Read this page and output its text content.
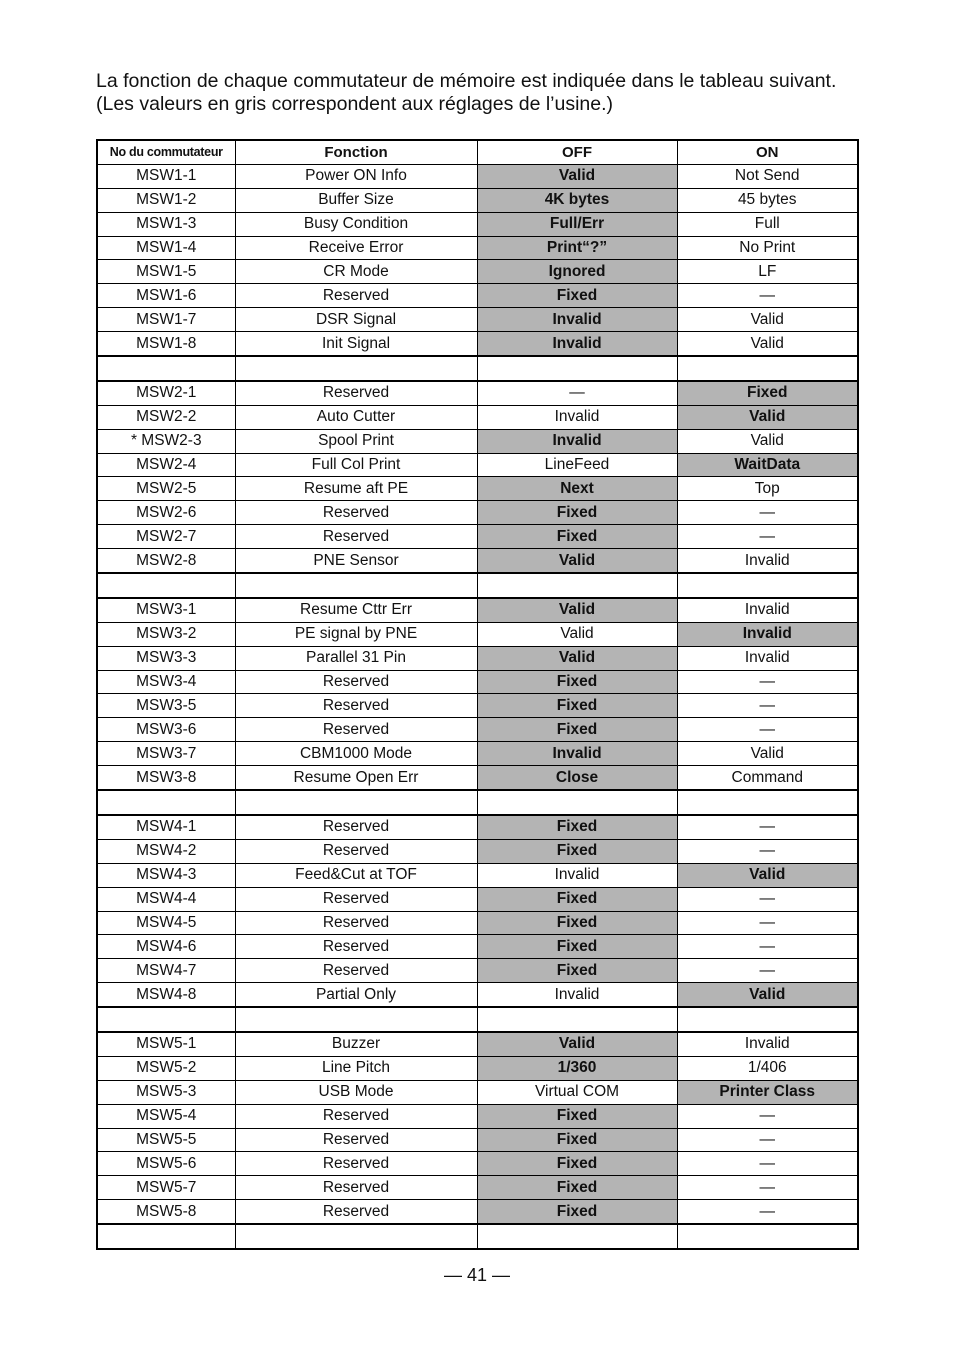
La fonction de chaque commutateur de mémoire est indiquée dans le tableau suivant. (Les valeurs en gris correspondent aux réglages de l’usine.)

No du commutateur	Fonction	OFF	ON
MSW1-1	Power ON Info	Valid	Not Send
MSW1-2	Buffer Size	4K bytes	45 bytes
MSW1-3	Busy Condition	Full/Err	Full
MSW1-4	Receive Error	Print“?”	No Print
MSW1-5	CR Mode	Ignored	LF
MSW1-6	Reserved	Fixed	—
MSW1-7	DSR Signal	Invalid	Valid
MSW1-8	Init Signal	Invalid	Valid

MSW2-1	Reserved	—	Fixed
MSW2-2	Auto Cutter	Invalid	Valid
* MSW2-3	Spool Print	Invalid	Valid
MSW2-4	Full Col Print	LineFeed	WaitData
MSW2-5	Resume aft PE	Next	Top
MSW2-6	Reserved	Fixed	—
MSW2-7	Reserved	Fixed	—
MSW2-8	PNE Sensor	Valid	Invalid

MSW3-1	Resume Cttr Err	Valid	Invalid
MSW3-2	PE signal by PNE	Valid	Invalid
MSW3-3	Parallel 31 Pin	Valid	Invalid
MSW3-4	Reserved	Fixed	—
MSW3-5	Reserved	Fixed	—
MSW3-6	Reserved	Fixed	—
MSW3-7	CBM1000 Mode	Invalid	Valid
MSW3-8	Resume Open Err	Close	Command

MSW4-1	Reserved	Fixed	—
MSW4-2	Reserved	Fixed	—
MSW4-3	Feed&Cut at TOF	Invalid	Valid
MSW4-4	Reserved	Fixed	—
MSW4-5	Reserved	Fixed	—
MSW4-6	Reserved	Fixed	—
MSW4-7	Reserved	Fixed	—
MSW4-8	Partial Only	Invalid	Valid

MSW5-1	Buzzer	Valid	Invalid
MSW5-2	Line Pitch	1/360	1/406
MSW5-3	USB Mode	Virtual COM	Printer Class
MSW5-4	Reserved	Fixed	—
MSW5-5	Reserved	Fixed	—
MSW5-6	Reserved	Fixed	—
MSW5-7	Reserved	Fixed	—
MSW5-8	Reserved	Fixed	—

— 41 —
